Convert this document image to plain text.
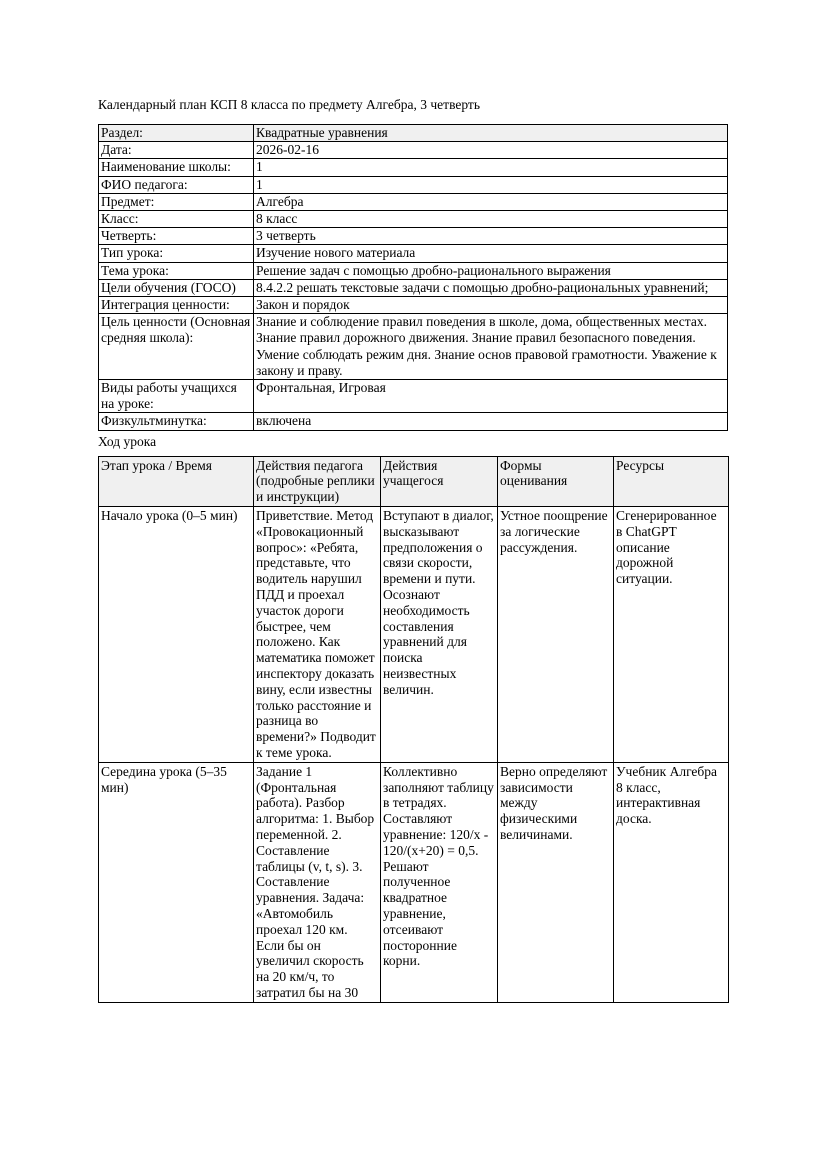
Календарный план КСП 8 класса по предмету Алгебра, 3 четверть

Раздел:	Квадратные уравнения
Дата:	2026-02-16
Наименование школы:	1
ФИО педагога:	1
Предмет:	Алгебра
Класс:	8 класс
Четверть:	3 четверть
Тип урока:	Изучение нового материала
Тема урока:	Решение задач с помощью дробно-рационального выражения
Цели обучения (ГОСО)	8.4.2.2 решать текстовые задачи с помощью дробно-рациональных уравнений;
Интеграция ценности:	Закон и порядок
Цель ценности (Основная средняя школа):	Знание и соблюдение правил поведения в школе, дома, общественных местах. Знание правил дорожного движения. Знание правил безопасного поведения. Умение соблюдать режим дня. Знание основ правовой грамотности. Уважение к закону и праву.
Виды работы учащихся на уроке:	Фронтальная, Игровая
Физкультминутка:	включена

Ход урока

Этап урока / Время	Действия педагога (подробные реплики и инструкции)	Действия учащегося	Формы оценивания	Ресурсы
Начало урока (0–5 мин)	Приветствие. Метод «Провокационный вопрос»: «Ребята, представьте, что водитель нарушил ПДД и проехал участок дороги быстрее, чем положено. Как математика поможет инспектору доказать вину, если известны только расстояние и разница во времени?» Подводит к теме урока.	Вступают в диалог, высказывают предположения о связи скорости, времени и пути. Осознают необходимость составления уравнений для поиска неизвестных величин.	Устное поощрение за логические рассуждения.	Сгенерированное в ChatGPT описание дорожной ситуации.
Середина урока (5–35 мин)	Задание 1 (Фронтальная работа). Разбор алгоритма: 1. Выбор переменной. 2. Составление таблицы (v, t, s). 3. Составление уравнения. Задача: «Автомобиль проехал 120 км. Если бы он увеличил скорость на 20 км/ч, то затратил бы на 30	Коллективно заполняют таблицу в тетрадях. Составляют уравнение: 120/x - 120/(x+20) = 0,5. Решают полученное квадратное уравнение, отсеивают посторонние корни.	Верно определяют зависимости между физическими величинами.	Учебник Алгебра 8 класс, интерактивная доска.
